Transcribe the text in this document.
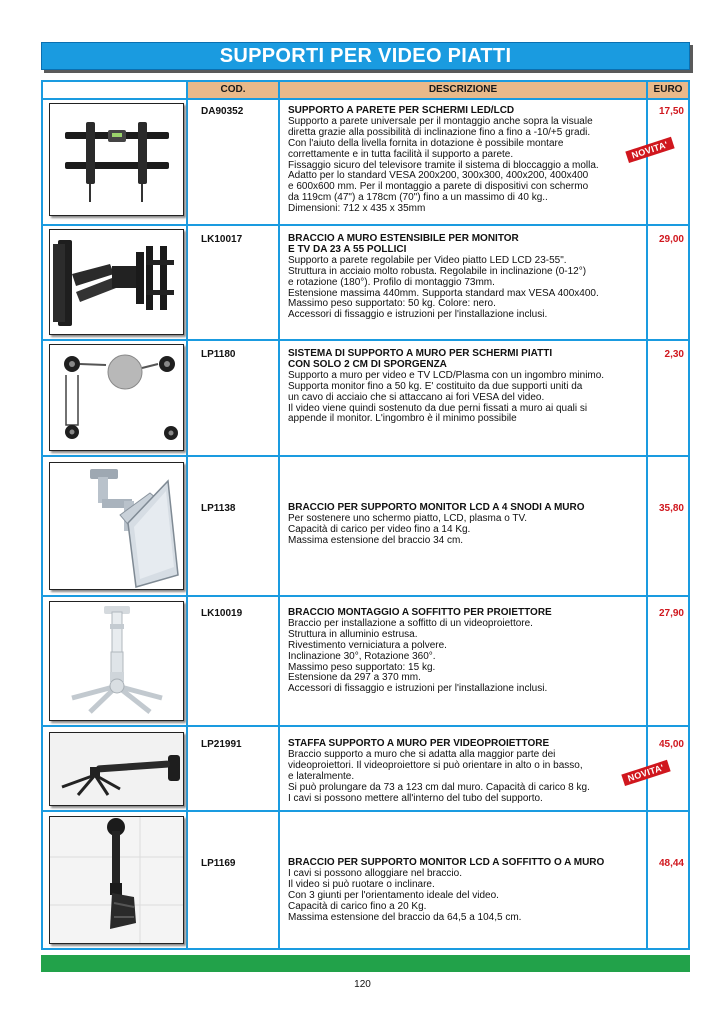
SUPPORTI PER VIDEO PIATTI
COD.	DESCRIZIONE	EURO
DA90352	SUPPORTO A PARETE PER SCHERMI LED/LCD
Supporto a parete universale per il montaggio anche sopra la visuale
diretta grazie alla possibilità di inclinazione fino a fino a -10/+5 gradi.
Con l'aiuto della livella fornita in dotazione è possibile montare
correttamente e in tutta facilità il supporto a parete.
Fissaggio sicuro del televisore tramite il sistema di bloccaggio a molla.
Adatto per lo standard VESA 200x200, 300x300, 400x200, 400x400
e 600x600 mm. Per il montaggio a parete di dispositivi con schermo
da 119cm (47") a 178cm (70") fino a un massimo di 40 kg..
Dimensioni: 712 x 435 x 35mm
17,50
NOVITA'
LK10017	BRACCIO A MURO ESTENSIBILE PER MONITOR
E TV DA 23 A 55 POLLICI
Supporto a parete regolabile per Video piatto LED LCD 23-55".
Struttura in acciaio molto robusta. Regolabile in inclinazione (0-12°)
e rotazione (180°). Profilo di montaggio 73mm.
Estensione massima 440mm. Supporta standard max VESA 400x400.
Massimo peso supportato: 50 kg. Colore: nero.
Accessori di fissaggio e istruzioni per l'installazione inclusi.
29,00
LP1180	SISTEMA DI SUPPORTO A MURO PER SCHERMI PIATTI
CON SOLO 2 CM DI SPORGENZA
Supporto a muro per video e TV LCD/Plasma con un ingombro minimo.
Supporta monitor fino a 50 kg. E' costituito da due supporti uniti da
un cavo di acciaio che si attaccano ai fori VESA del video.
Il video viene quindi sostenuto da due perni fissati a muro ai quali si
appende il monitor. L'ingombro è il minimo possibile
2,30
LP1138	BRACCIO PER SUPPORTO MONITOR LCD A 4 SNODI A MURO
Per sostenere uno schermo piatto, LCD, plasma o TV.
Capacità di carico per video fino a 14 Kg.
Massima estensione del braccio 34 cm.
35,80
LK10019	BRACCIO MONTAGGIO A SOFFITTO PER PROIETTORE
Braccio per installazione a soffitto di un videoproiettore.
Struttura in alluminio estrusa.
Rivestimento verniciatura a polvere.
Inclinazione 30°, Rotazione 360°.
Massimo peso supportato: 15 kg.
Estensione da 297 a 370 mm.
Accessori di fissaggio e istruzioni per l'installazione inclusi.
27,90
LP21991	STAFFA SUPPORTO A MURO PER VIDEOPROIETTORE
Braccio supporto a muro che si adatta alla maggior parte dei
videoproiettori. Il videoproiettore si può orientare in alto o in basso,
e lateralmente.
Si può prolungare da 73 a 123 cm dal muro. Capacità di carico 8 kg.
I cavi si possono mettere all'interno del tubo del supporto.
45,00
NOVITA'
LP1169	BRACCIO PER SUPPORTO MONITOR LCD A SOFFITTO O A MURO
I cavi si possono alloggiare nel braccio.
Il video si può ruotare o inclinare.
Con 3 giunti per l'orientamento ideale del video.
Capacità di carico fino a 20 Kg.
Massima estensione del braccio da 64,5 a 104,5 cm.
48,44
120
